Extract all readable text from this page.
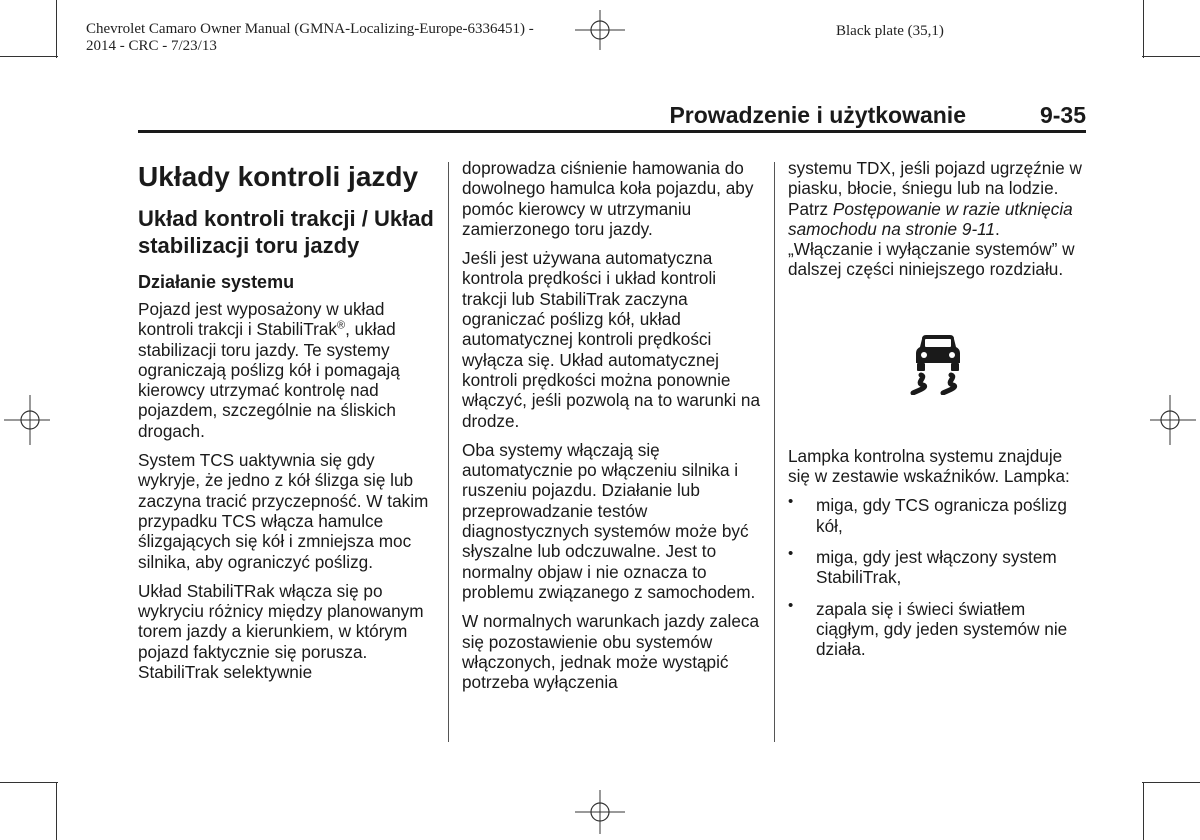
Chevrolet Camaro Owner Manual (GMNA-Localizing-Europe-6336451) -
2014 - CRC - 7/23/13
Black plate (35,1)
Prowadzenie i użytkowanie	9-35
Układy kontroli jazdy
Układ kontroli trakcji / Układ stabilizacji toru jazdy
Działanie systemu

Pojazd jest wyposażony w układ kontroli trakcji i StabiliTrak®, układ stabilizacji toru jazdy. Te systemy ograniczają poślizg kół i pomagają kierowcy utrzymać kontrolę nad pojazdem, szczególnie na śliskich drogach.

System TCS uaktywnia się gdy wykryje, że jedno z kół ślizga się lub zaczyna tracić przyczepność. W takim przypadku TCS włącza hamulce ślizgających się kół i zmniejsza moc silnika, aby ograniczyć poślizg.

Układ StabiliTRak włącza się po wykryciu różnicy między planowanym torem jazdy a kierunkiem, w którym pojazd faktycznie się porusza. StabiliTrak selektywnie

doprowadza ciśnienie hamowania do dowolnego hamulca koła pojazdu, aby pomóc kierowcy w utrzymaniu zamierzonego toru jazdy.

Jeśli jest używana automatyczna kontrola prędkości i układ kontroli trakcji lub StabiliTrak zaczyna ograniczać poślizg kół, układ automatycznej kontroli prędkości wyłącza się. Układ automatycznej kontroli prędkości można ponownie włączyć, jeśli pozwolą na to warunki na drodze.

Oba systemy włączają się automatycznie po włączeniu silnika i ruszeniu pojazdu. Działanie lub przeprowadzanie testów diagnostycznych systemów może być słyszalne lub odczuwalne. Jest to normalny objaw i nie oznacza to problemu związanego z samochodem.

W normalnych warunkach jazdy zaleca się pozostawienie obu systemów włączonych, jednak może wystąpić potrzeba wyłączenia

systemu TDX, jeśli pojazd ugrzęźnie w piasku, błocie, śniegu lub na lodzie. Patrz Postępowanie w razie utknięcia samochodu na stronie 9-11. „Włączanie i wyłączanie systemów” w dalszej części niniejszego rozdziału.

Lampka kontrolna systemu znajduje się w zestawie wskaźników. Lampka:

• miga, gdy TCS ogranicza poślizg kół,
• miga, gdy jest włączony system StabiliTrak,
• zapala się i świeci światłem ciągłym, gdy jeden systemów nie działa.
